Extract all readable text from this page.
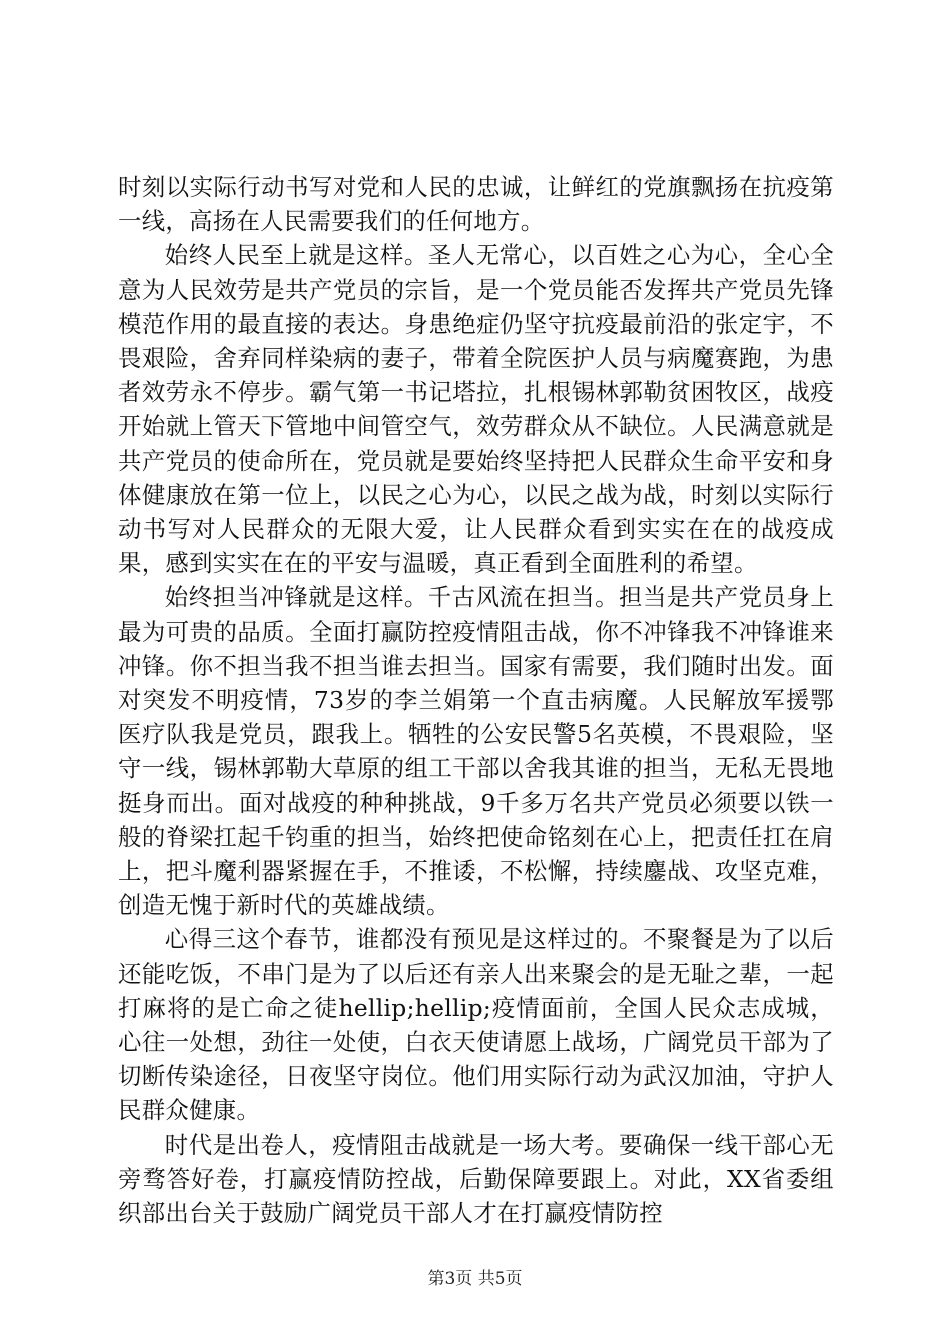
时刻以实际行动书写对党和人民的忠诚，让鲜红的党旗飘扬在抗疫第一线，高扬在人民需要我们的任何地方。

始终人民至上就是这样。圣人无常心，以百姓之心为心，全心全意为人民效劳是共产党员的宗旨，是一个党员能否发挥共产党员先锋模范作用的最直接的表达。身患绝症仍坚守抗疫最前沿的张定宇，不畏艰险，舍弃同样染病的妻子，带着全院医护人员与病魔赛跑，为患者效劳永不停步。霸气第一书记塔拉，扎根锡林郭勒贫困牧区，战疫开始就上管天下管地中间管空气，效劳群众从不缺位。人民满意就是共产党员的使命所在，党员就是要始终坚持把人民群众生命平安和身体健康放在第一位上，以民之心为心，以民之战为战，时刻以实际行动书写对人民群众的无限大爱，让人民群众看到实实在在的战疫成果，感到实实在在的平安与温暖，真正看到全面胜利的希望。

始终担当冲锋就是这样。千古风流在担当。担当是共产党员身上最为可贵的品质。全面打赢防控疫情阻击战，你不冲锋我不冲锋谁来冲锋。你不担当我不担当谁去担当。国家有需要，我们随时出发。面对突发不明疫情，73岁的李兰娟第一个直击病魔。人民解放军援鄂医疗队我是党员，跟我上。牺牲的公安民警5名英模，不畏艰险，坚守一线，锡林郭勒大草原的组工干部以舍我其谁的担当，无私无畏地挺身而出。面对战疫的种种挑战，9千多万名共产党员必须要以铁一般的脊梁扛起千钧重的担当，始终把使命铭刻在心上，把责任扛在肩上，把斗魔利器紧握在手，不推诿，不松懈，持续鏖战、攻坚克难，创造无愧于新时代的英雄战绩。

心得三这个春节，谁都没有预见是这样过的。不聚餐是为了以后还能吃饭，不串门是为了以后还有亲人出来聚会的是无耻之辈，一起打麻将的是亡命之徒hellip;hellip;疫情面前，全国人民众志成城，心往一处想，劲往一处使，白衣天使请愿上战场，广阔党员干部为了切断传染途径，日夜坚守岗位。他们用实际行动为武汉加油，守护人民群众健康。

时代是出卷人，疫情阻击战就是一场大考。要确保一线干部心无旁骛答好卷，打赢疫情防控战，后勤保障要跟上。对此，XX省委组织部出台关于鼓励广阔党员干部人才在打赢疫情防控

第3页 共5页
